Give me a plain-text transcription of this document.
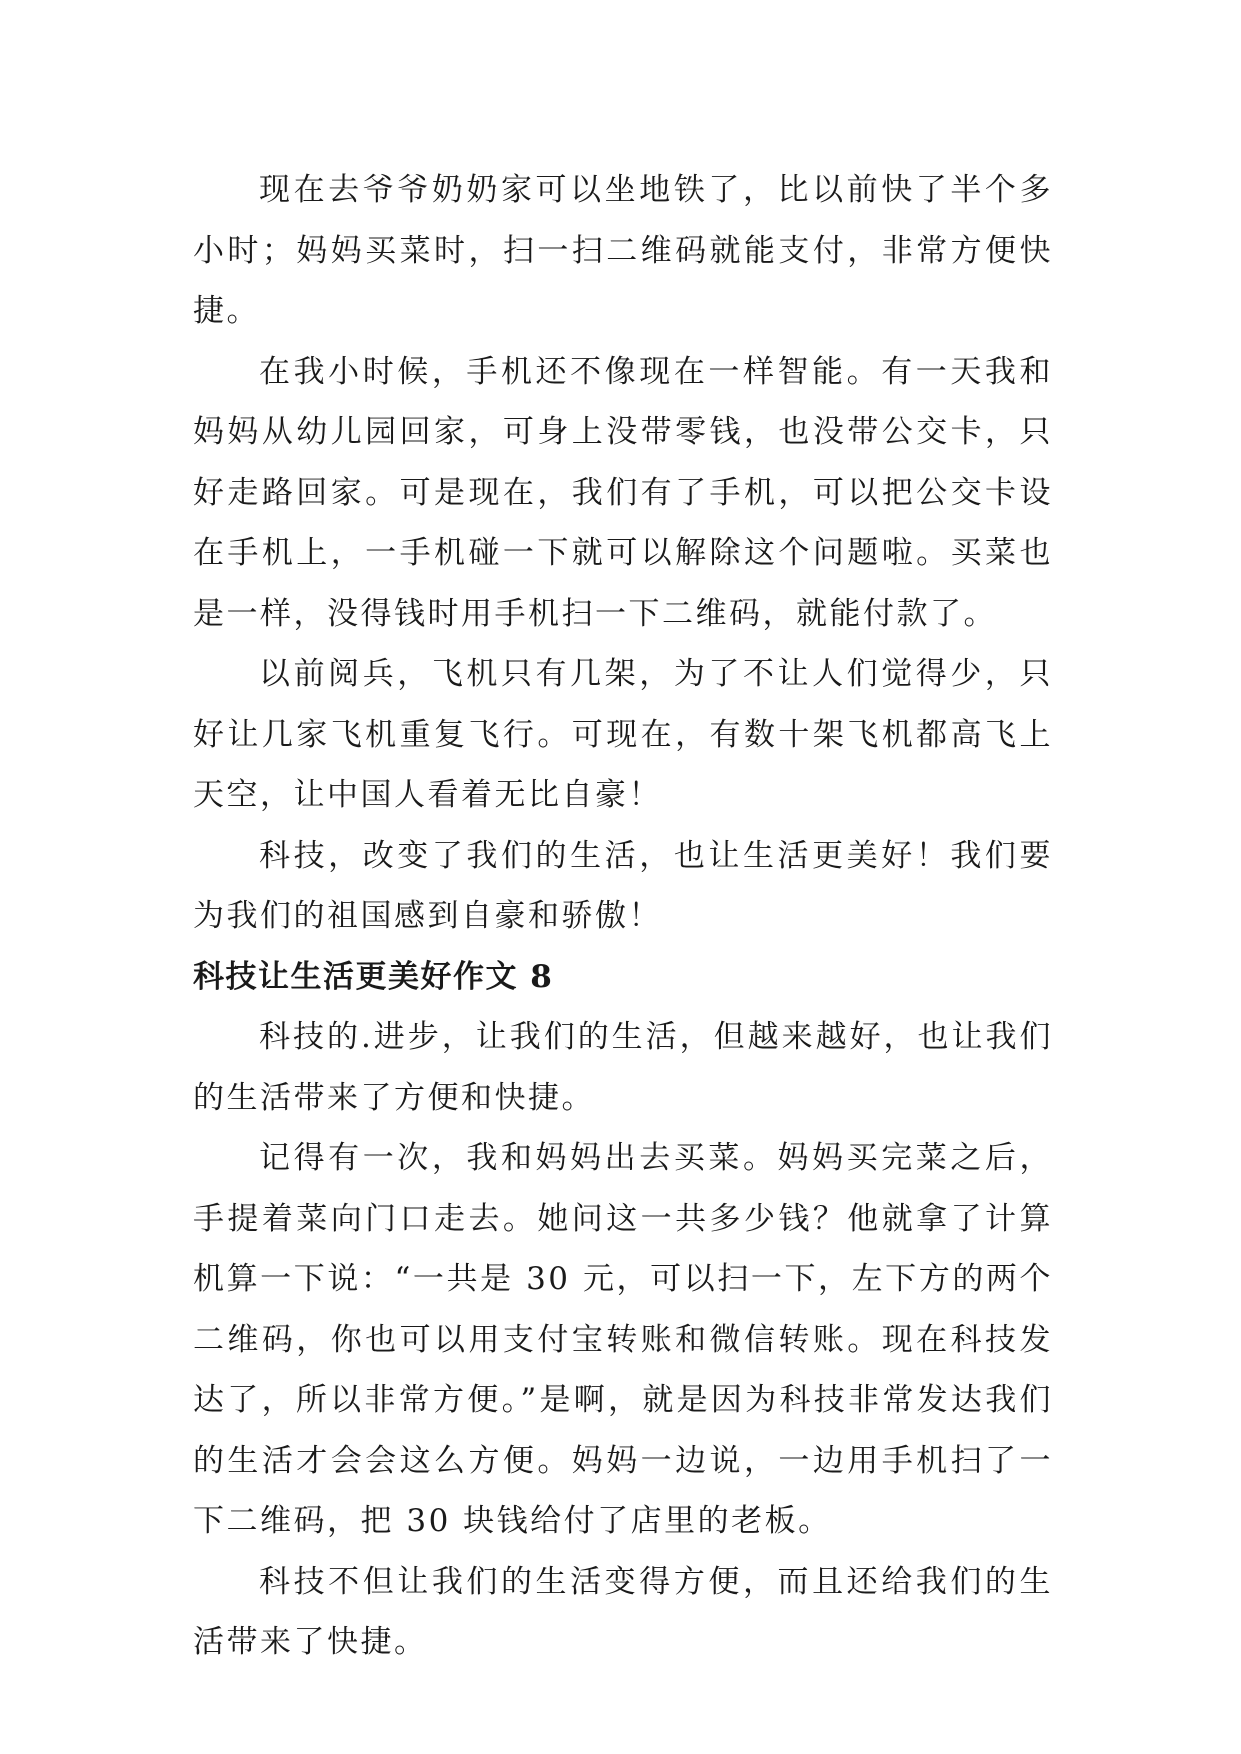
现在去爷爷奶奶家可以坐地铁了，比以前快了半个多小时；妈妈买菜时，扫一扫二维码就能支付，非常方便快捷。

在我小时候，手机还不像现在一样智能。有一天我和妈妈从幼儿园回家，可身上没带零钱，也没带公交卡，只好走路回家。可是现在，我们有了手机，可以把公交卡设在手机上，一手机碰一下就可以解除这个问题啦。买菜也是一样，没得钱时用手机扫一下二维码，就能付款了。

以前阅兵，飞机只有几架，为了不让人们觉得少，只好让几家飞机重复飞行。可现在，有数十架飞机都高飞上天空，让中国人看着无比自豪！

科技，改变了我们的生活，也让生活更美好！我们要为我们的祖国感到自豪和骄傲！

科技让生活更美好作文 8

科技的.进步，让我们的生活，但越来越好，也让我们的生活带来了方便和快捷。

记得有一次，我和妈妈出去买菜。妈妈买完菜之后，手提着菜向门口走去。她问这一共多少钱？他就拿了计算机算一下说：“一共是 30 元，可以扫一下，左下方的两个二维码，你也可以用支付宝转账和微信转账。现在科技发达了，所以非常方便。”是啊，就是因为科技非常发达我们的生活才会会这么方便。妈妈一边说，一边用手机扫了一下二维码，把 30 块钱给付了店里的老板。

科技不但让我们的生活变得方便，而且还给我们的生活带来了快捷。
